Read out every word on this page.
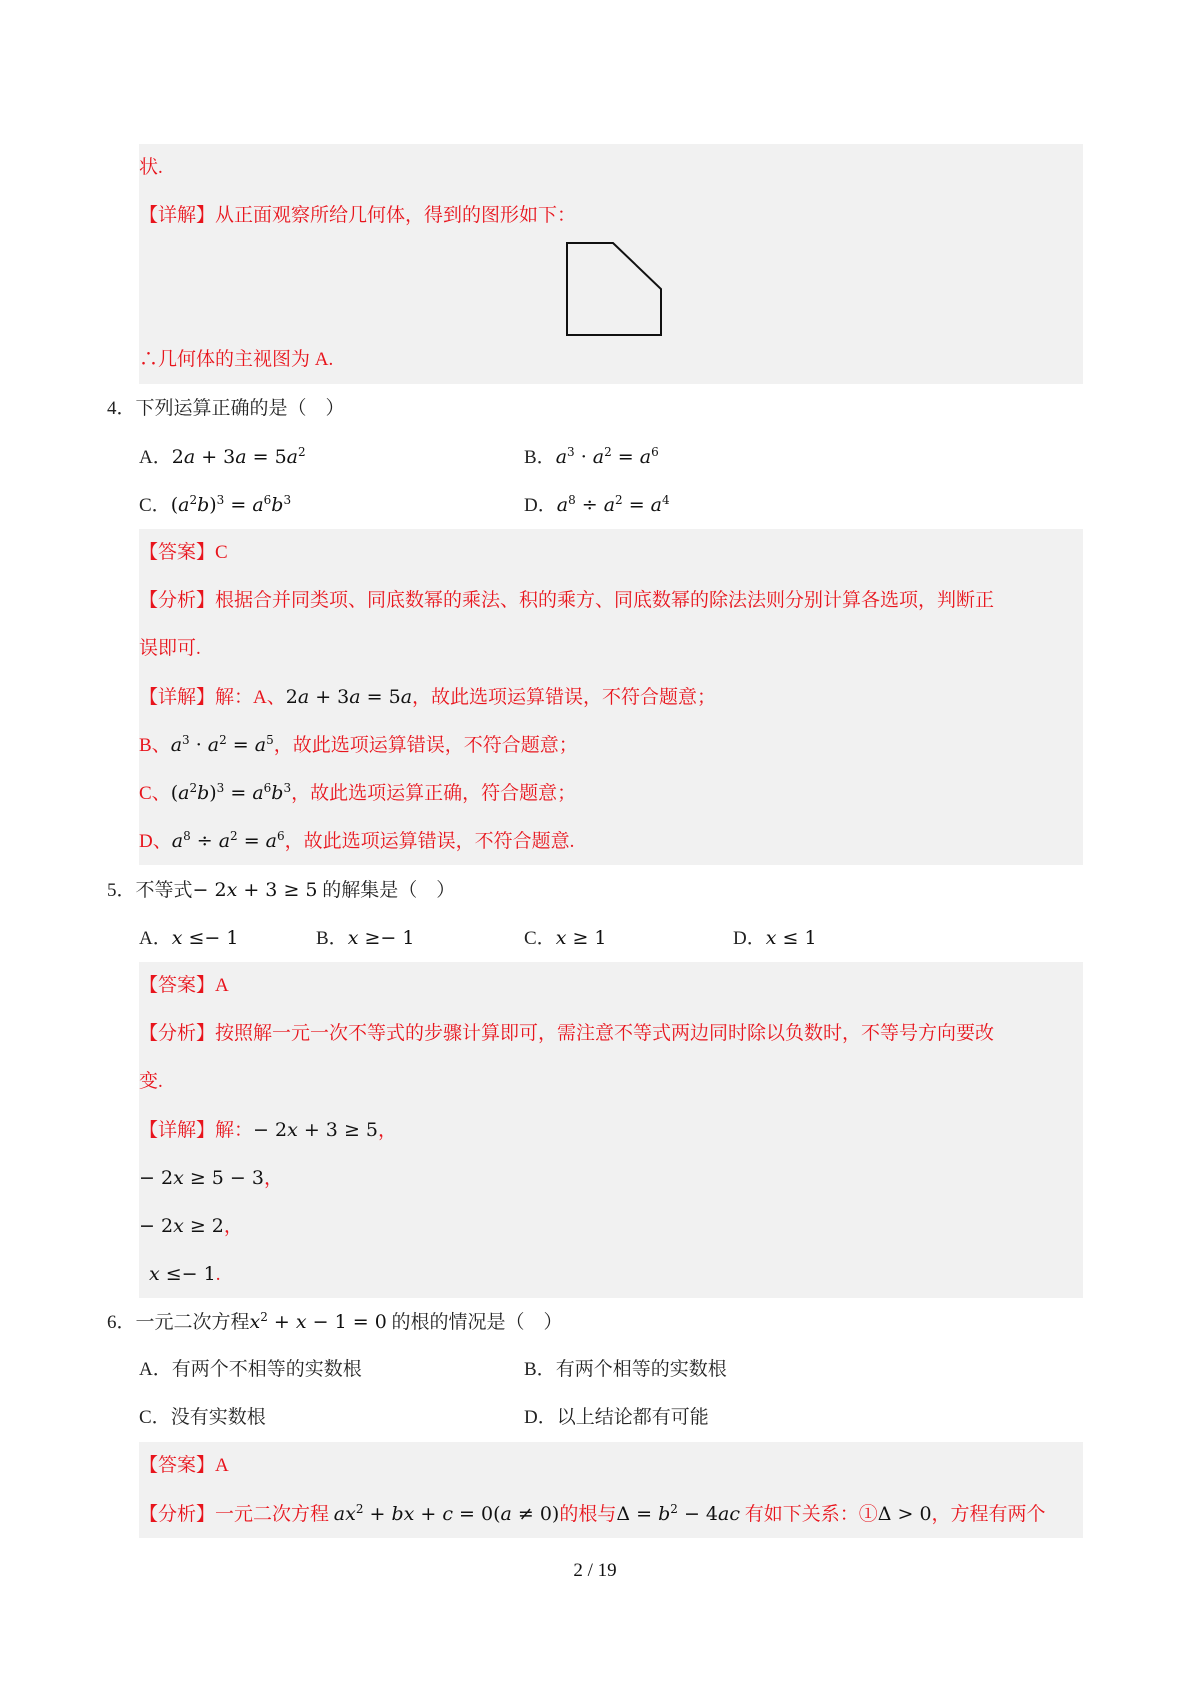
状.
【详解】从正面观察所给几何体，得到的图形如下：
∴几何体的主视图为 A.
4．下列运算正确的是（　）
A．$2a + 3a = 5a^2$	B．$a^3 \cdot a^2 = a^6$
C．$(a^2b)^3 = a^6b^3$	D．$a^8 \div a^2 = a^4$
【答案】C
【分析】根据合并同类项、同底数幂的乘法、积的乘方、同底数幂的除法法则分别计算各选项，判断正
误即可.
【详解】解：A、2a + 3a = 5a，故此选项运算错误，不符合题意；
B、$a^3 \cdot a^2 = a^5$，故此选项运算错误，不符合题意；
C、$(a^2b)^3 = a^6b^3$，故此选项运算正确，符合题意；
D、$a^8 \div a^2 = a^6$，故此选项运算错误，不符合题意.
5．不等式− 2x + 3 ≥ 5 的解集是（　）
A．x ≤− 1	B．x ≥− 1	C．x ≥ 1	D．x ≤ 1
【答案】A
【分析】按照解一元一次不等式的步骤计算即可，需注意不等式两边同时除以负数时，不等号方向要改
变.
【详解】解：− 2x + 3 ≥ 5，
− 2x ≥ 5 − 3，
− 2x ≥ 2，
x ≤− 1.
6．一元二次方程$x^2 + x - 1 = 0$ 的根的情况是（　）
A．有两个不相等的实数根	B．有两个相等的实数根
C．没有实数根	D．以上结论都有可能
【答案】A
【分析】一元二次方程 $ax^2$ + bx + c = 0(a ≠ 0)的根与$\Delta = b^2 - 4ac$ 有如下关系：①Δ > 0，方程有两个
2 / 19
